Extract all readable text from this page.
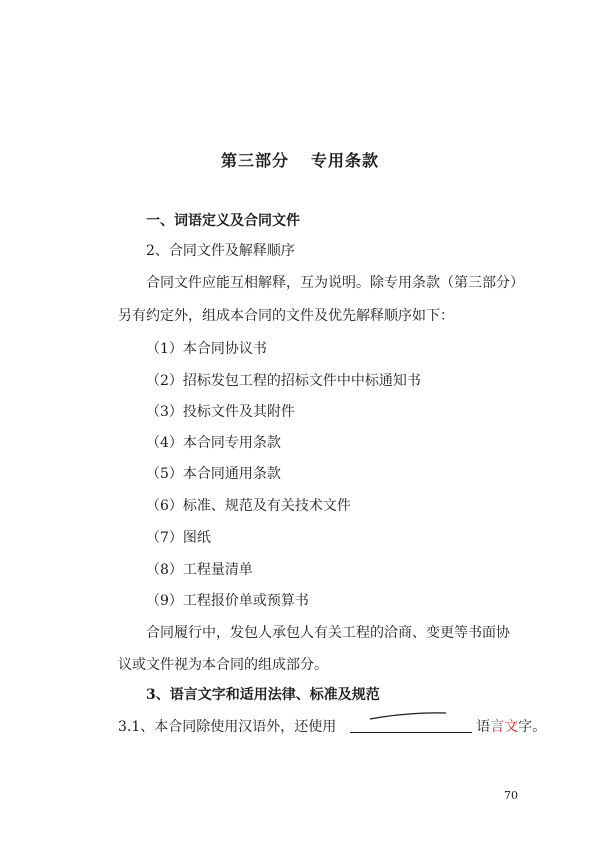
第三部分 专用条款
一、词语定义及合同文件
2、合同文件及解释顺序
合同文件应能互相解释，互为说明。除专用条款（第三部分）
另有约定外，组成本合同的文件及优先解释顺序如下：
（1）本合同协议书
（2）招标发包工程的招标文件中中标通知书
（3）投标文件及其附件
（4）本合同专用条款
（5）本合同通用条款
（6）标准、规范及有关技术文件
（7）图纸
（8）工程量清单
（9）工程报价单或预算书
合同履行中，发包人承包人有关工程的洽商、变更等书面协
议或文件视为本合同的组成部分。
3、语言文字和适用法律、标准及规范
3.1、本合同除使用汉语外，还使用	语言文字。
70
